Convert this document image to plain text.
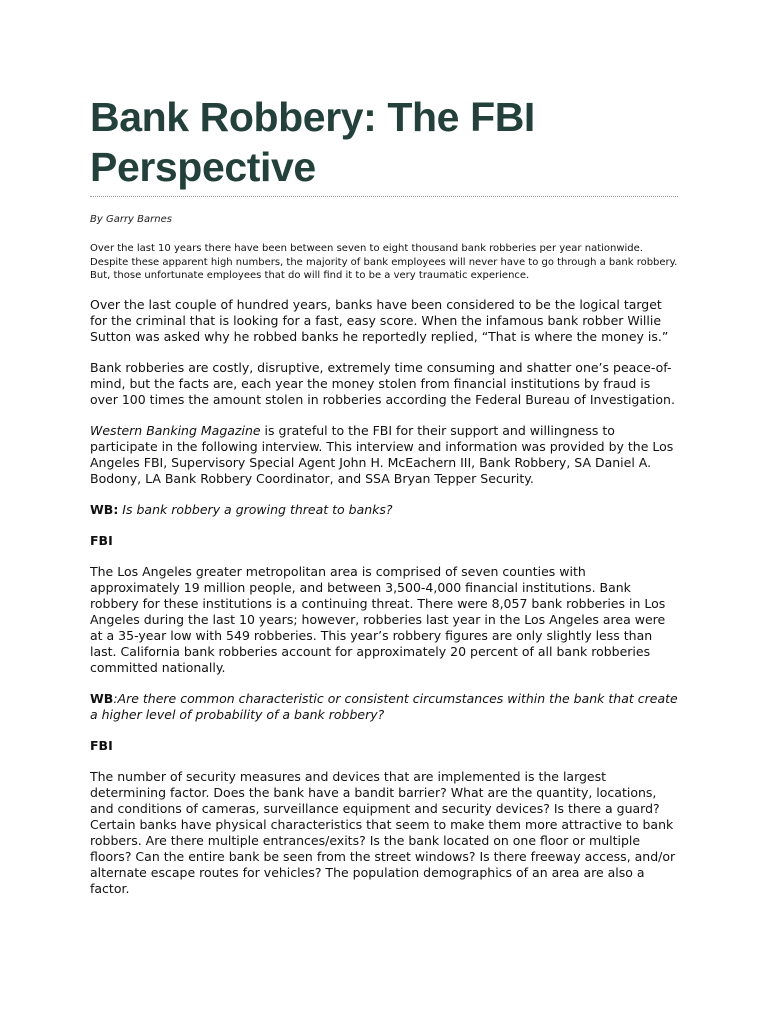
Bank Robbery: The FBI Perspective

By Garry Barnes

Over the last 10 years there have been between seven to eight thousand bank robberies per year nationwide. Despite these apparent high numbers, the majority of bank employees will never have to go through a bank robbery. But, those unfortunate employees that do will find it to be a very traumatic experience.

Over the last couple of hundred years, banks have been considered to be the logical target for the criminal that is looking for a fast, easy score. When the infamous bank robber Willie Sutton was asked why he robbed banks he reportedly replied, “That is where the money is.”

Bank robberies are costly, disruptive, extremely time consuming and shatter one’s peace-of-mind, but the facts are, each year the money stolen from financial institutions by fraud is over 100 times the amount stolen in robberies according the Federal Bureau of Investigation.

Western Banking Magazine is grateful to the FBI for their support and willingness to participate in the following interview. This interview and information was provided by the Los Angeles FBI, Supervisory Special Agent John H. McEachern III, Bank Robbery, SA Daniel A. Bodony, LA Bank Robbery Coordinator, and SSA Bryan Tepper Security.

WB: Is bank robbery a growing threat to banks?

FBI

The Los Angeles greater metropolitan area is comprised of seven counties with approximately 19 million people, and between 3,500-4,000 financial institutions. Bank robbery for these institutions is a continuing threat. There were 8,057 bank robberies in Los Angeles during the last 10 years; however, robberies last year in the Los Angeles area were at a 35-year low with 549 robberies. This year’s robbery figures are only slightly less than last. California bank robberies account for approximately 20 percent of all bank robberies committed nationally.

WB:Are there common characteristic or consistent circumstances within the bank that create a higher level of probability of a bank robbery?

FBI

The number of security measures and devices that are implemented is the largest determining factor. Does the bank have a bandit barrier? What are the quantity, locations, and conditions of cameras, surveillance equipment and security devices? Is there a guard? Certain banks have physical characteristics that seem to make them more attractive to bank robbers. Are there multiple entrances/exits? Is the bank located on one floor or multiple floors? Can the entire bank be seen from the street windows? Is there freeway access, and/or alternate escape routes for vehicles? The population demographics of an area are also a factor.
